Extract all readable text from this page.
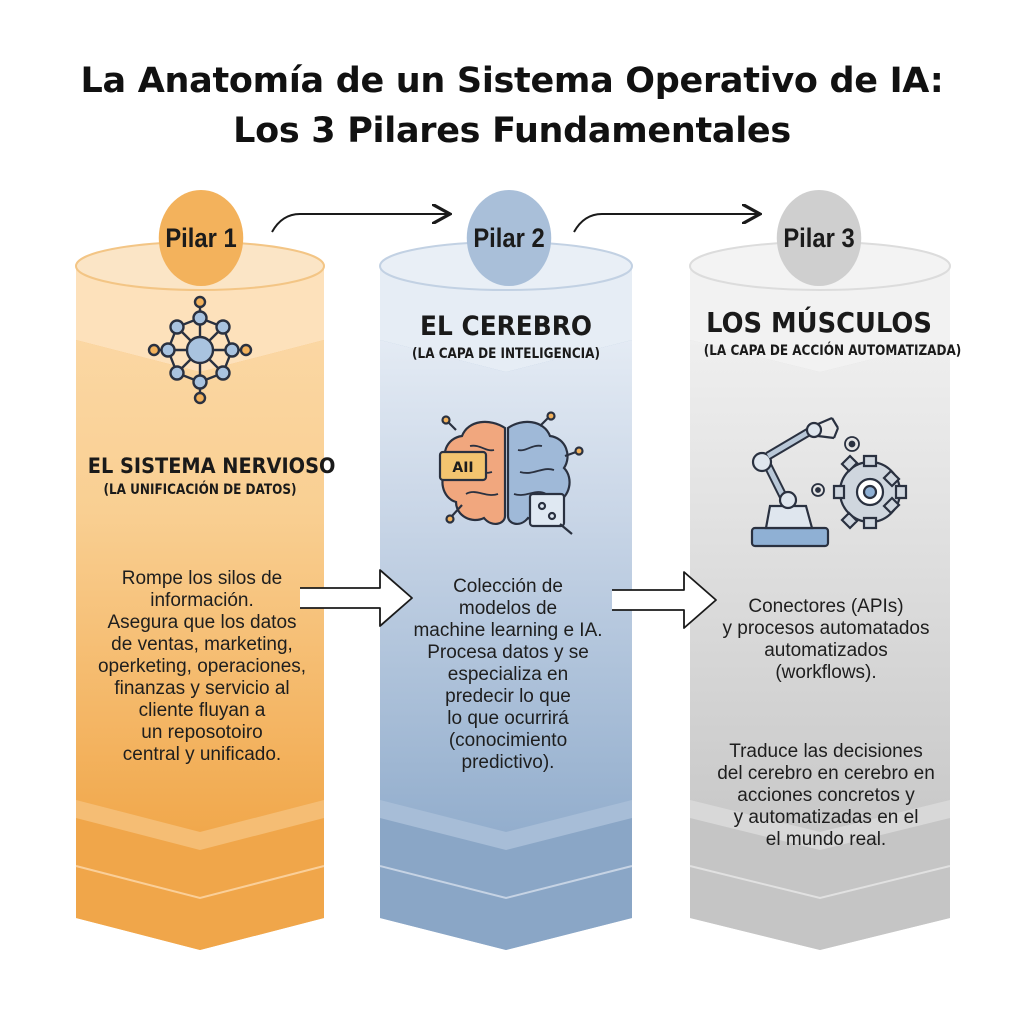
La Anatomía de un Sistema Operativo de IA:
Los 3 Pilares Fundamentales
AII
Pilar 1	Pilar 2	Pilar 3
EL SISTEMA NERVIOSO
(LA UNIFICACIÓN DE DATOS)
EL CEREBRO
(LA CAPA DE INTELIGENCIA)
LOS MÚSCULOS
(LA CAPA DE ACCIÓN AUTOMATIZADA)
Rompe los silos de
información.
Asegura que los datos
de ventas, marketing,
operketing, operaciones,
finanzas y servicio al
cliente fluyan a
un reposotoiro
central y unificado.
Colección de
modelos de
machine learning e IA.
Procesa datos y se
especializa en
predecir lo que
lo que ocurrirá
(conocimiento
predictivo).
Conectores (APIs)
y procesos automatados
automatizados
(workflows).
Traduce las decisiones
del cerebro en cerebro en
acciones concretos y
y automatizadas en el
el mundo real.
